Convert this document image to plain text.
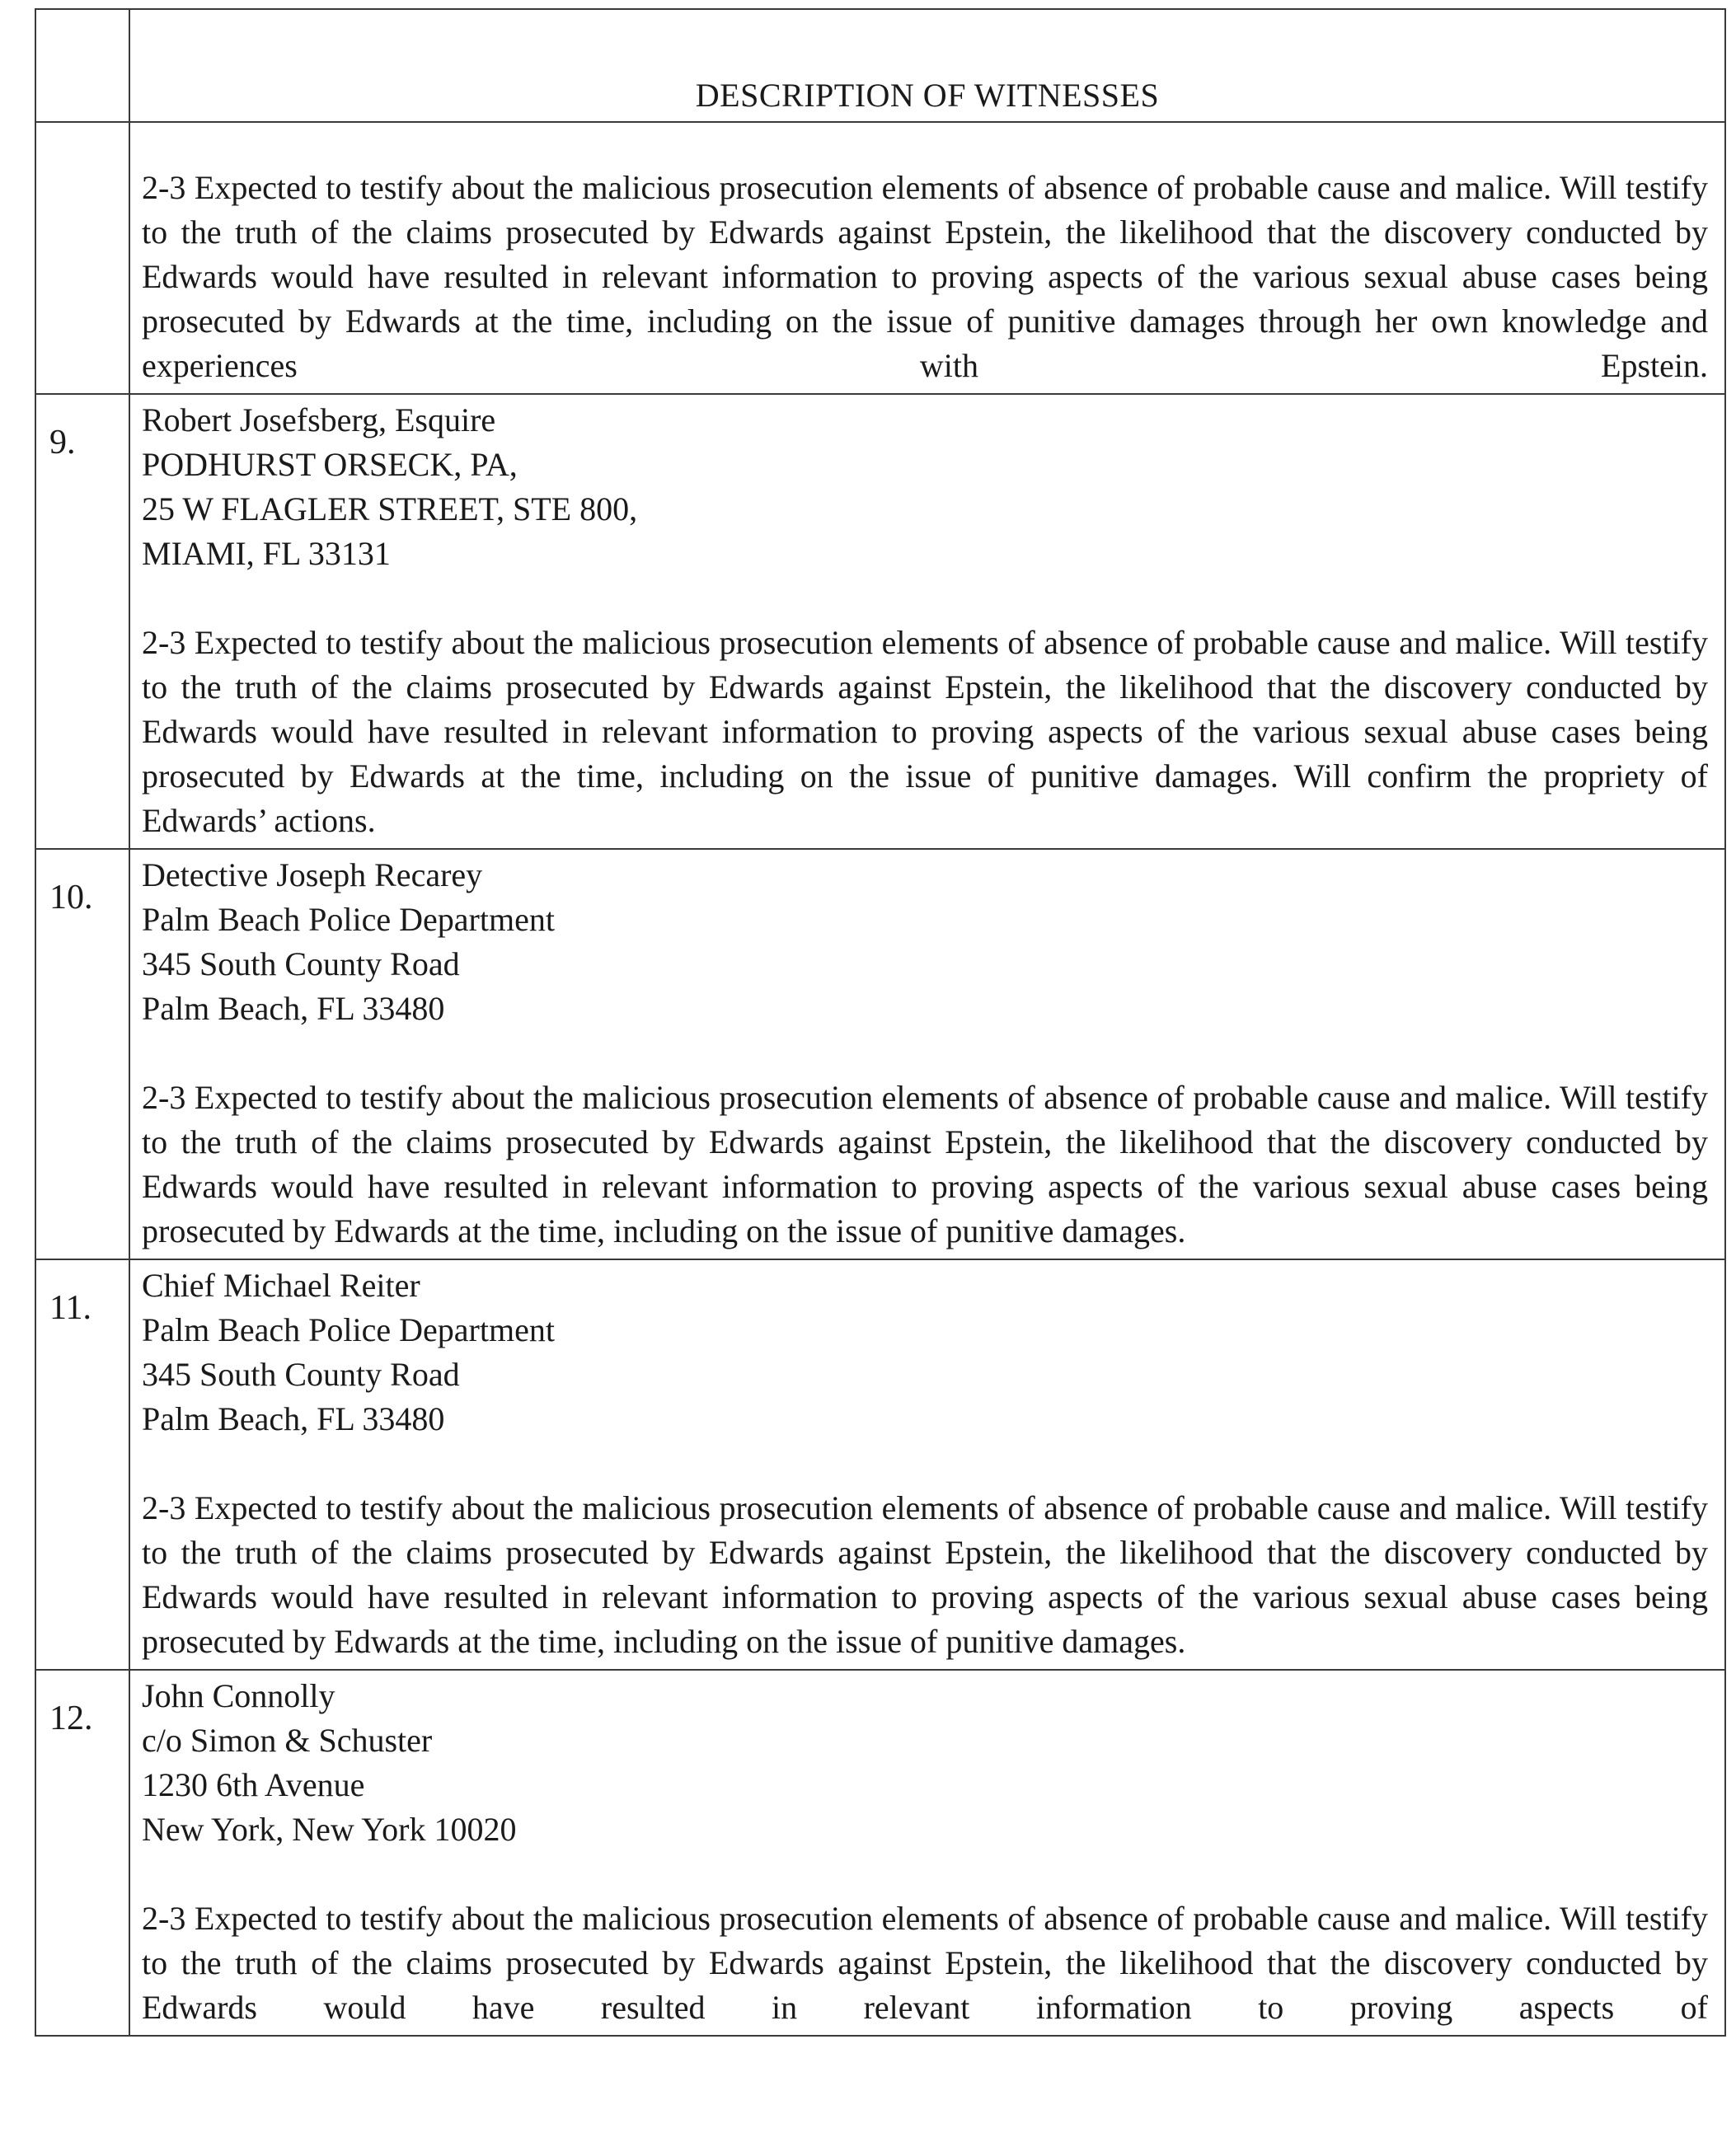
	DESCRIPTION OF WITNESSES

	2-3 Expected to testify about the malicious prosecution elements of absence of probable cause and malice. Will testify to the truth of the claims prosecuted by Edwards against Epstein, the likelihood that the discovery conducted by Edwards would have resulted in relevant information to proving aspects of the various sexual abuse cases being prosecuted by Edwards at the time, including on the issue of punitive damages through her own knowledge and experiences with Epstein.

9.	Robert Josefsberg, Esquire
PODHURST ORSECK, PA,
25 W FLAGLER STREET, STE 800,
MIAMI, FL 33131
2-3 Expected to testify about the malicious prosecution elements of absence of probable cause and malice. Will testify to the truth of the claims prosecuted by Edwards against Epstein, the likelihood that the discovery conducted by Edwards would have resulted in relevant information to proving aspects of the various sexual abuse cases being prosecuted by Edwards at the time, including on the issue of punitive damages. Will confirm the propriety of Edwards’ actions.

10.	Detective Joseph Recarey
Palm Beach Police Department
345 South County Road
Palm Beach, FL 33480
2-3 Expected to testify about the malicious prosecution elements of absence of probable cause and malice. Will testify to the truth of the claims prosecuted by Edwards against Epstein, the likelihood that the discovery conducted by Edwards would have resulted in relevant information to proving aspects of the various sexual abuse cases being prosecuted by Edwards at the time, including on the issue of punitive damages.

11.	Chief Michael Reiter
Palm Beach Police Department
345 South County Road
Palm Beach, FL 33480
2-3 Expected to testify about the malicious prosecution elements of absence of probable cause and malice. Will testify to the truth of the claims prosecuted by Edwards against Epstein, the likelihood that the discovery conducted by Edwards would have resulted in relevant information to proving aspects of the various sexual abuse cases being prosecuted by Edwards at the time, including on the issue of punitive damages.

12.	John Connolly
c/o Simon & Schuster
1230 6th Avenue
New York, New York 10020
2-3 Expected to testify about the malicious prosecution elements of absence of probable cause and malice. Will testify to the truth of the claims prosecuted by Edwards against Epstein, the likelihood that the discovery conducted by Edwards would have resulted in relevant information to proving aspects of
